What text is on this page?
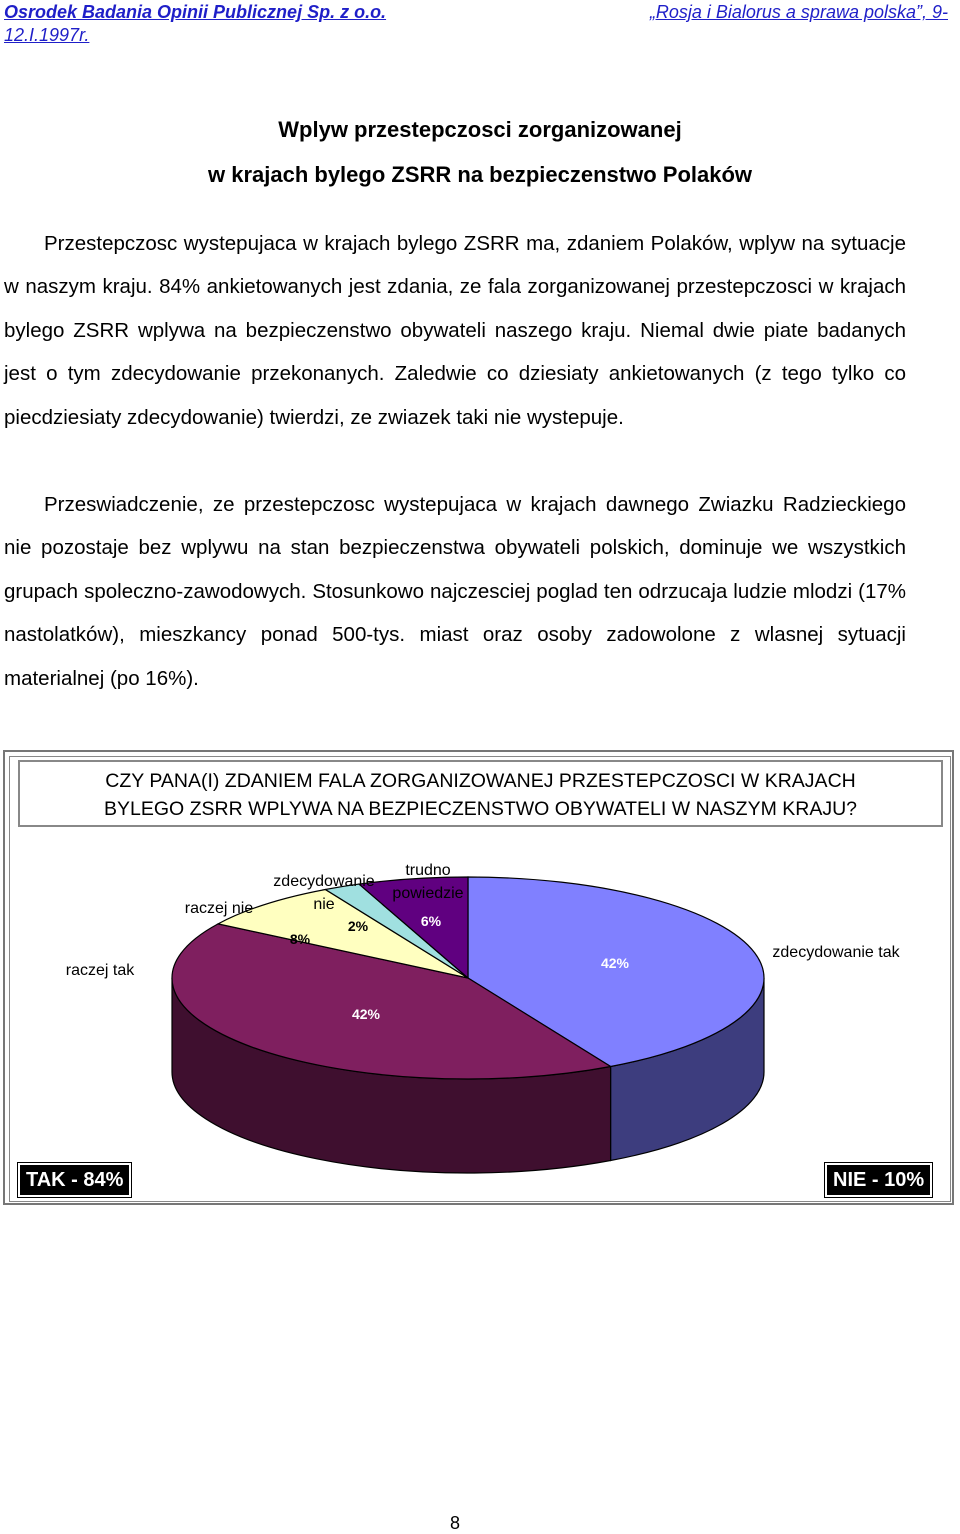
Osrodek Badania Opinii Publicznej Sp. z o.o.	„Rosja i Bialorus a sprawa polska”, 9-
12.I.1997r.
Wplyw przestepczosci zorganizowanej
w krajach bylego ZSRR na bezpieczenstwo Polaków

Przestepczosc wystepujaca w krajach bylego ZSRR ma, zdaniem Polaków, wplyw na sytuacje w naszym kraju. 84% ankietowanych jest zdania, ze fala zorganizowanej przestepczosci w krajach bylego ZSRR wplywa na bezpieczenstwo obywateli naszego kraju. Niemal dwie piate badanych jest o tym zdecydowanie przekonanych. Zaledwie co dziesiaty ankietowanych (z tego tylko co piecdziesiaty zdecydowanie) twierdzi, ze zwiazek taki nie wystepuje.

Przeswiadczenie, ze przestepczosc wystepujaca w krajach dawnego Zwiazku Radzieckiego nie pozostaje bez wplywu na stan bezpieczenstwa obywateli polskich, dominuje we wszystkich grupach spoleczno-zawodowych. Stosunkowo najczesciej poglad ten odrzucaja ludzie mlodzi (17% nastolatków), mieszkancy ponad 500-tys. miast oraz osoby zadowolone z wlasnej sytuacji materialnej (po 16%).

CZY PANA(I) ZDANIEM FALA ZORGANIZOWANEJ PRZESTEPCZOSCI W KRAJACH
BYLEGO ZSRR WPLYWA NA BEZPIECZENSTWO OBYWATELI W NASZYM KRAJU?
42%
42%
8%
2%	6%
zdecydowanie tak
raczej tak
raczej nie
zdecydowanie nie
trudno powiedzie
TAK - 84%	NIE - 10%
8
